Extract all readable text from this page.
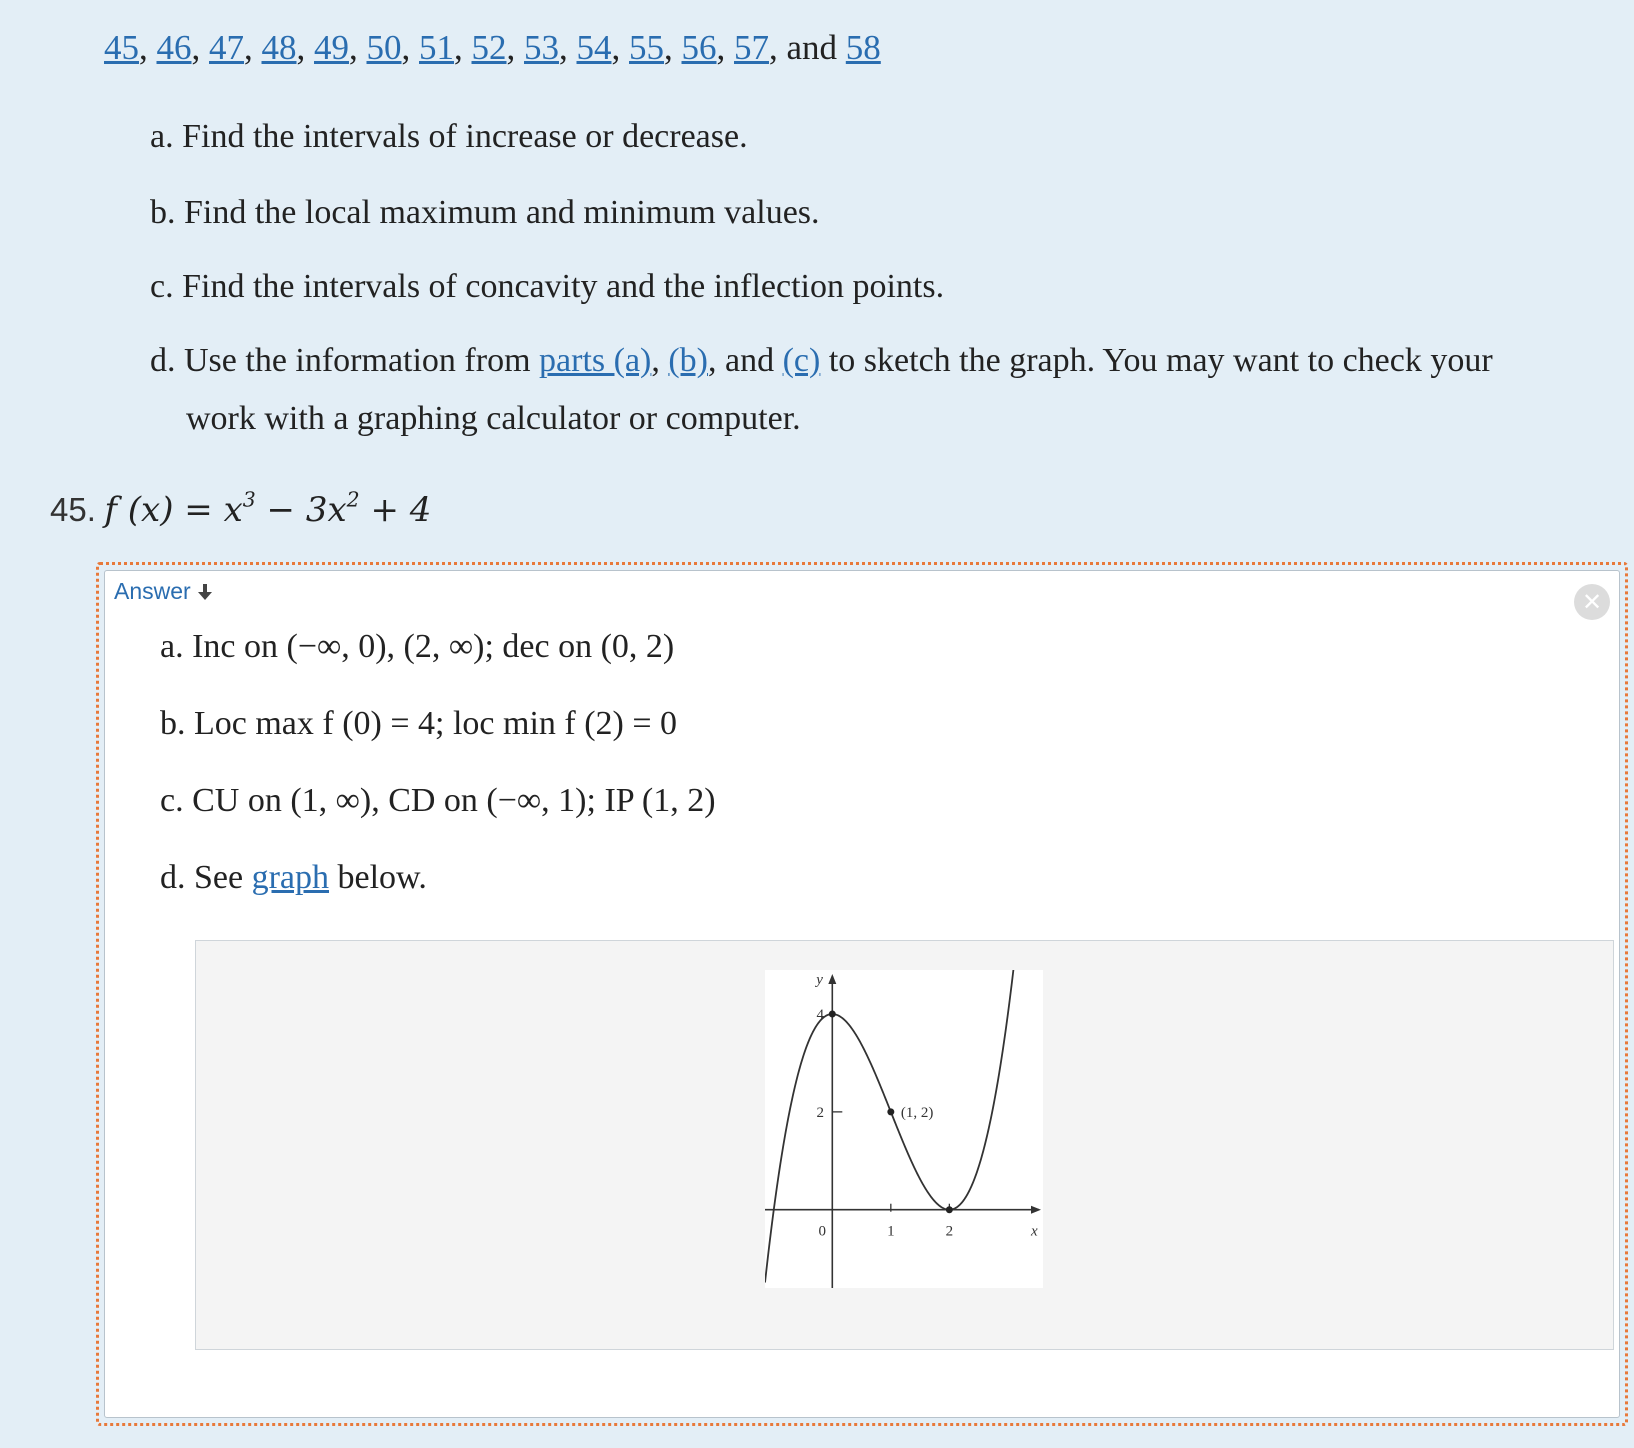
45, 46, 47, 48, 49, 50, 51, 52, 53, 54, 55, 56, 57, and 58
a. Find the intervals of increase or decrease.
b. Find the local maximum and minimum values.
c. Find the intervals of concavity and the inflection points.
d. Use the information from parts (a), (b), and (c) to sketch the graph. You may want to check your
work with a graphing calculator or computer.
45. f $(x) = x^3 - 3x^2 + 4$
Answer	✕
a. Inc on (−∞, 0), (2, ∞); dec on (0, 2)
b. Loc max f (0) = 4; loc min f (2) = 0
c. CU on (1, ∞), CD on (−∞, 1); IP (1, 2)
d. See graph below.
0	1	2
2
4
x
y
(1, 2)
